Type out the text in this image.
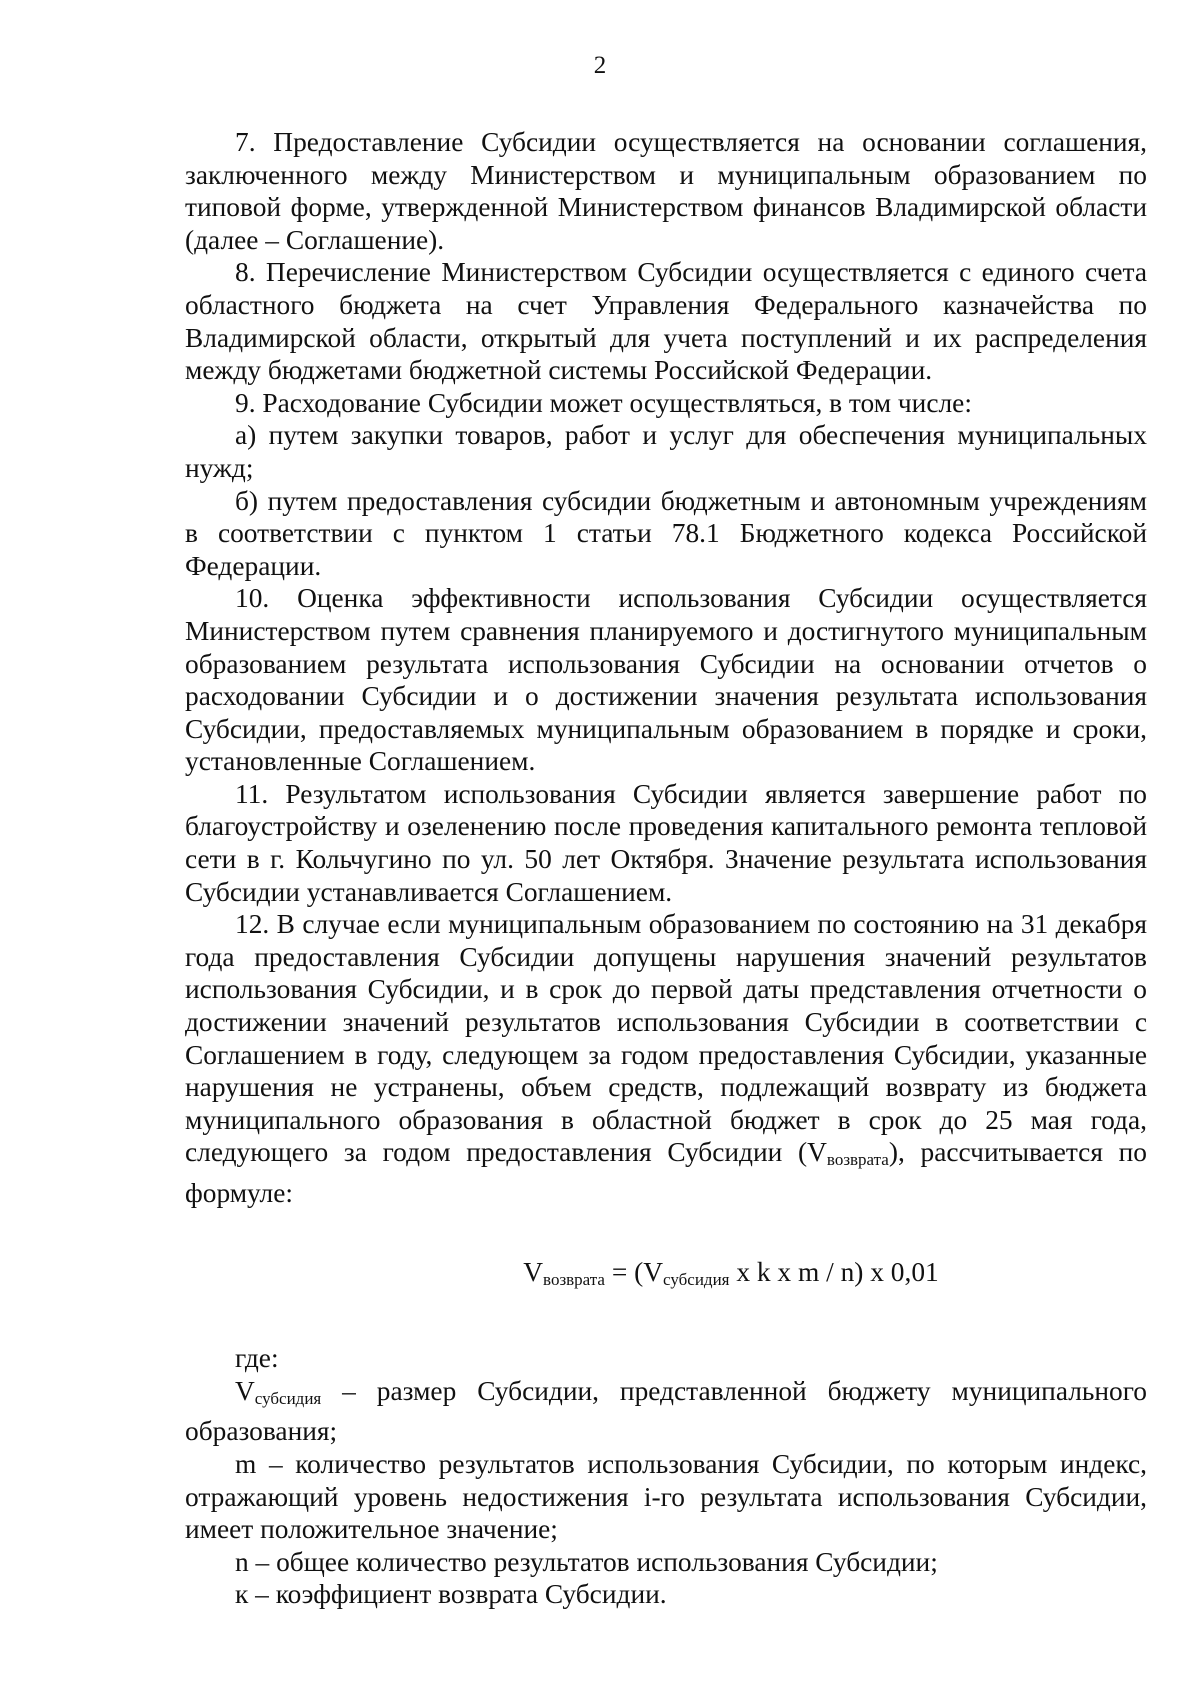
2

7. Предоставление Субсидии осуществляется на основании соглашения, заключенного между Министерством и муниципальным образованием по типовой форме, утвержденной Министерством финансов Владимирской области (далее – Соглашение).

8. Перечисление Министерством Субсидии осуществляется с единого счета областного бюджета на счет Управления Федерального казначейства по Владимирской области, открытый для учета поступлений и их распределения между бюджетами бюджетной системы Российской Федерации.

9. Расходование Субсидии может осуществляться, в том числе:

а) путем закупки товаров, работ и услуг для обеспечения муниципальных нужд;

б) путем предоставления субсидии бюджетным и автономным учреждениям в соответствии с пунктом 1 статьи 78.1 Бюджетного кодекса Российской Федерации.

10. Оценка эффективности использования Субсидии осуществляется Министерством путем сравнения планируемого и достигнутого муниципальным образованием результата использования Субсидии на основании отчетов о расходовании Субсидии и о достижении значения результата использования Субсидии, предоставляемых муниципальным образованием в порядке и сроки, установленные Соглашением.

11. Результатом использования Субсидии является завершение работ по благоустройству и озеленению после проведения капитального ремонта тепловой сети в г. Кольчугино по ул. 50 лет Октября. Значение результата использования Субсидии устанавливается Соглашением.

12. В случае если муниципальным образованием по состоянию на 31 декабря года предоставления Субсидии допущены нарушения значений результатов использования Субсидии, и в срок до первой даты представления отчетности о достижении значений результатов использования Субсидии в соответствии с Соглашением в году, следующем за годом предоставления Субсидии, указанные нарушения не устранены, объем средств, подлежащий возврату из бюджета муниципального образования в областной бюджет в срок до 25 мая года, следующего за годом предоставления Субсидии $(V_{возврата})$, рассчитывается по формуле:

$V_{возврата} = (V_{субсидия}$ x k x m / n) x 0,01

где:

$V_{субсидия}$ – размер Субсидии, представленной бюджету муниципального образования;

m – количество результатов использования Субсидии, по которым индекс, отражающий уровень недостижения i-го результата использования Субсидии, имеет положительное значение;

n – общее количество результатов использования Субсидии;

к – коэффициент возврата Субсидии.
